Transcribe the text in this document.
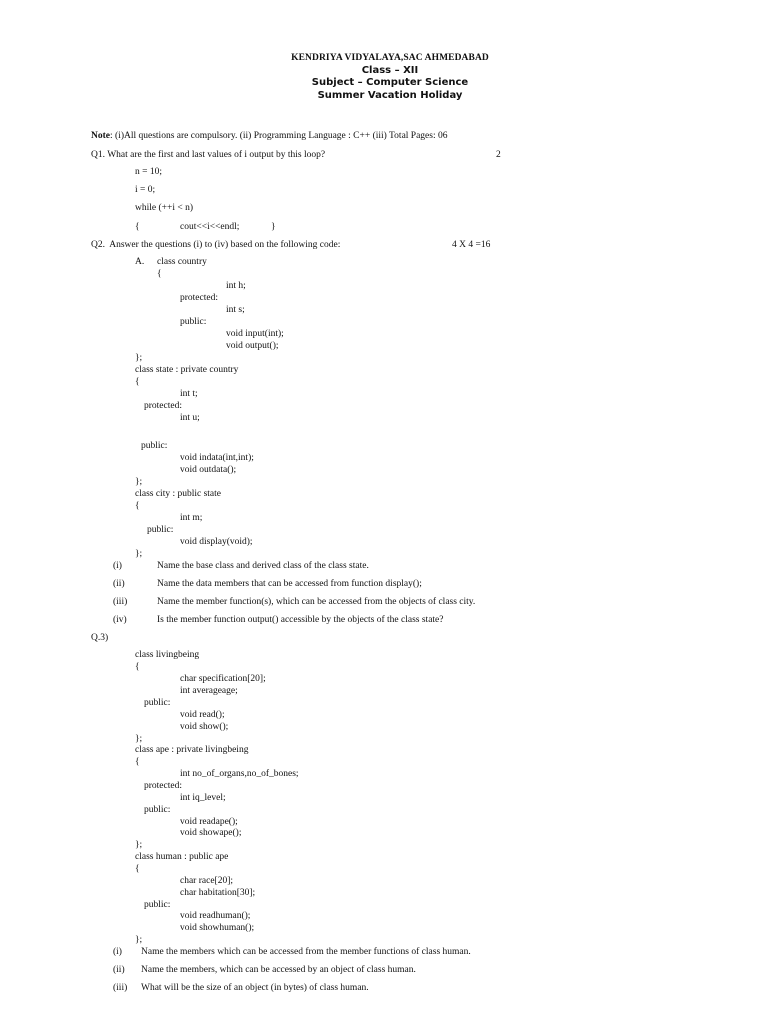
KENDRIYA VIDYALAYA,SAC AHMEDABAD
Class – XII
Subject – Computer Science
Summer Vacation Holiday
Note: (i)All questions are compulsory. (ii) Programming Language : C++ (iii) Total Pages: 06
Q1. What are the first and last values of i output by this loop?	2
n = 10;
i = 0;
while (++i < n)
{	cout<<i<<endl;	}
Q2.  Answer the questions (i) to (iv) based on the following code:	4 X 4 =16
A. class country
{
int h;
protected:
int s;
public:
void input(int);
void output();
};
class state : private country
{
int t;
protected:
int u;
public:
void indata(int,int);
void outdata();
};
class city : public state
{
int m;
public:
void display(void);
};
(i)	Name the base class and derived class of the class state.
(ii)	Name the data members that can be accessed from function display();
(iii)	Name the member function(s), which can be accessed from the objects of class city.
(iv)	Is the member function output() accessible by the objects of the class state?
Q.3)
class livingbeing
{
char specification[20];
int averageage;
public:
void read();
void show();
};
class ape : private livingbeing
{
int no_of_organs,no_of_bones;
protected:
int iq_level;
public:
void readape();
void showape();
};
class human : public ape
{
char race[20];
char habitation[30];
public:
void readhuman();
void showhuman();
};
(i) Name the members which can be accessed from the member functions of class human.
(ii) Name the members, which can be accessed by an object of class human.
(iii) What will be the size of an object (in bytes) of class human.
